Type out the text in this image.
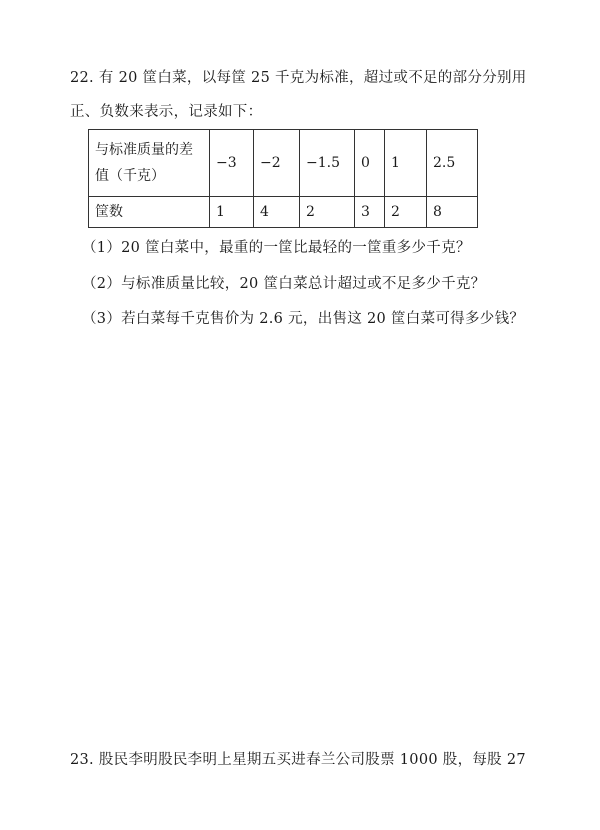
22. 有 20 筐白菜，以每筐 25 千克为标准，超过或不足的部分分别用
正、负数来表示，记录如下：
与标准质量的差值（千克）	−3	−2	−1.5	0	1	2.5
筐数	1	4	2	3	2	8
（1）20 筐白菜中，最重的一筐比最轻的一筐重多少千克？
（2）与标准质量比较，20 筐白菜总计超过或不足多少千克？
（3）若白菜每千克售价为 2.6 元，出售这 20 筐白菜可得多少钱？
23. 股民李明股民李明上星期五买进春兰公司股票 1000 股，每股 27
